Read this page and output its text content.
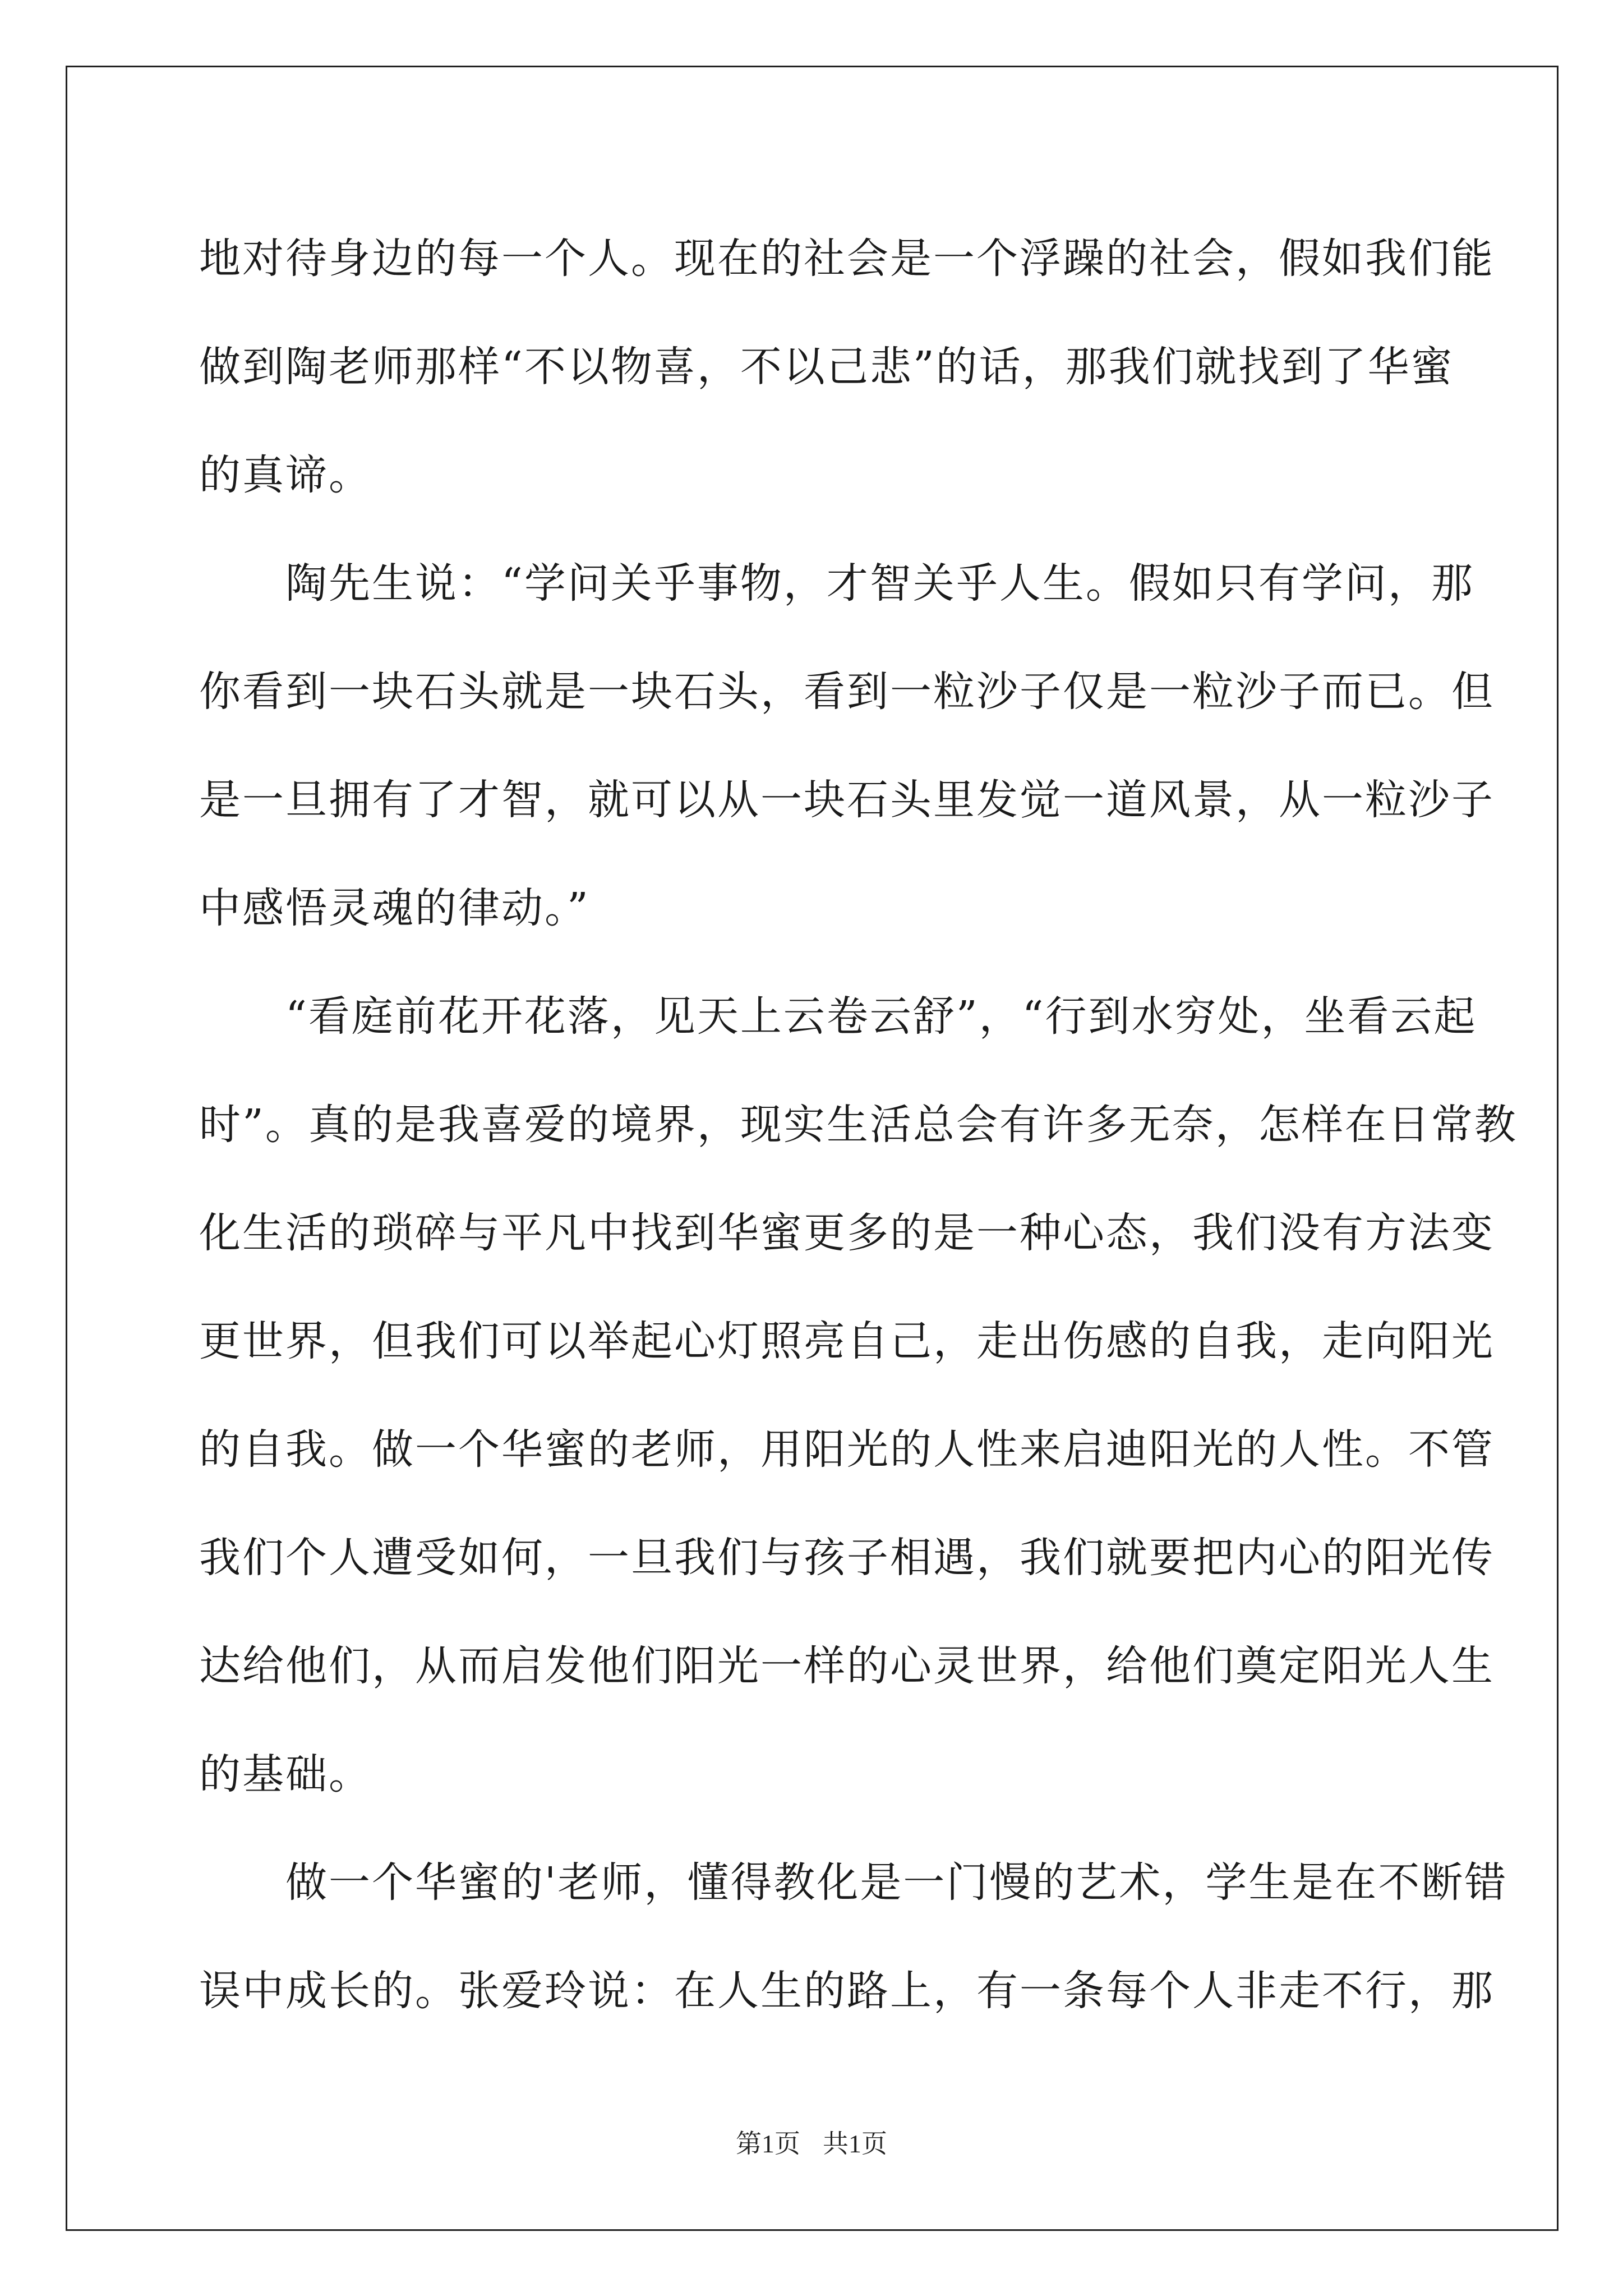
地对待身边的每一个人。现在的社会是一个浮躁的社会，假如我们能
做到陶老师那样“不以物喜，不以己悲”的话，那我们就找到了华蜜
的真谛。
　　陶先生说：“学问关乎事物，才智关乎人生。假如只有学问，那
你看到一块石头就是一块石头，看到一粒沙子仅是一粒沙子而已。但
是一旦拥有了才智，就可以从一块石头里发觉一道风景，从一粒沙子
中感悟灵魂的律动。”
　　“看庭前花开花落，见天上云卷云舒”，“行到水穷处，坐看云起
时”。真的是我喜爱的境界，现实生活总会有许多无奈，怎样在日常教
化生活的琐碎与平凡中找到华蜜更多的是一种心态，我们没有方法变
更世界，但我们可以举起心灯照亮自己，走出伤感的自我，走向阳光
的自我。做一个华蜜的老师，用阳光的人性来启迪阳光的人性。不管
我们个人遭受如何，一旦我们与孩子相遇，我们就要把内心的阳光传
达给他们，从而启发他们阳光一样的心灵世界，给他们奠定阳光人生
的基础。
　　做一个华蜜的'老师，懂得教化是一门慢的艺术，学生是在不断错
误中成长的。张爱玲说：在人生的路上，有一条每个人非走不行，那
第1页 共1页
